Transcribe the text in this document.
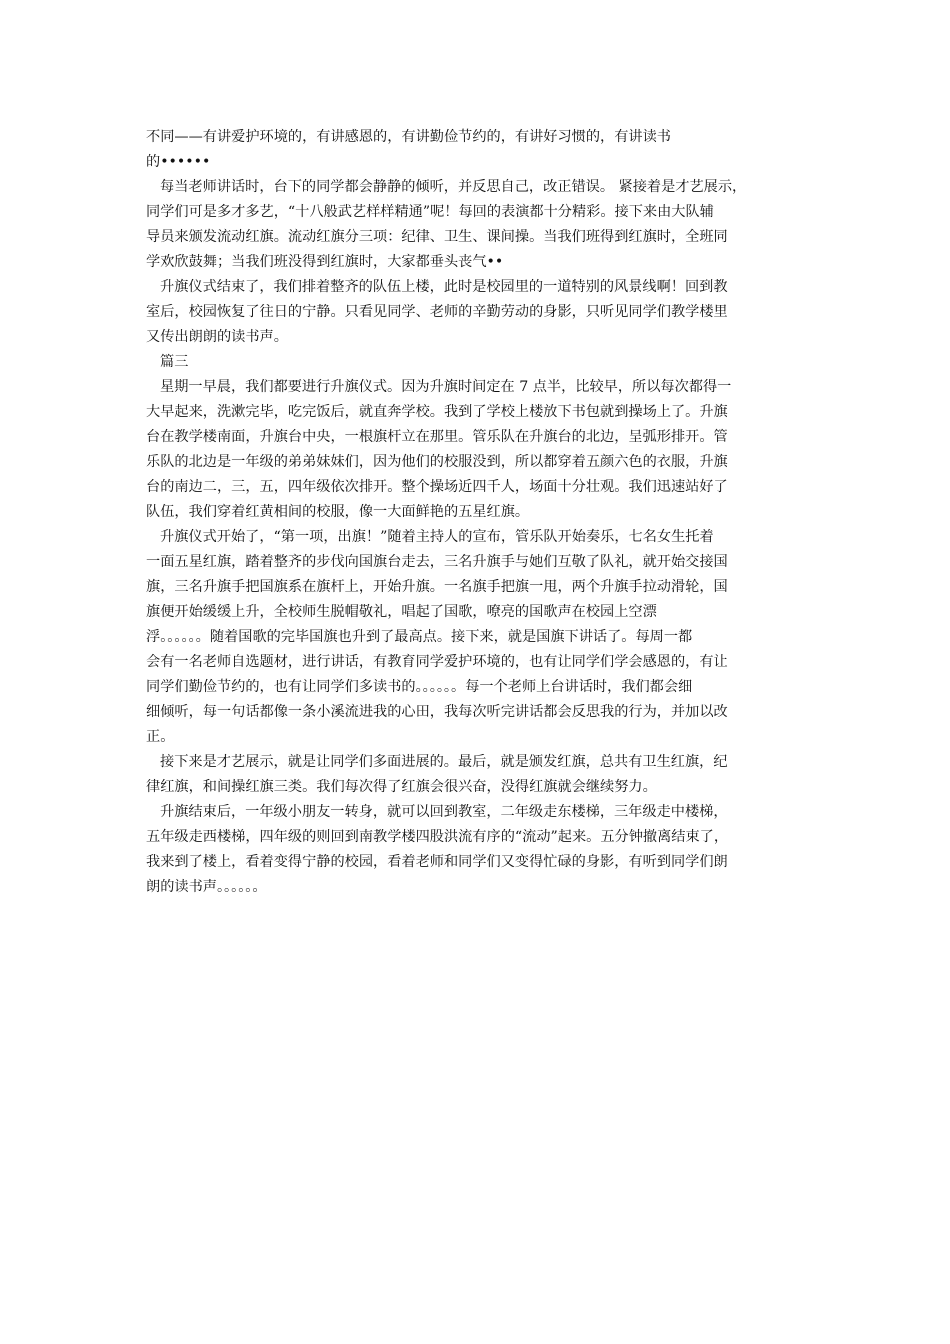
不同——有讲爱护环境的，有讲感恩的，有讲勤俭节约的，有讲好习惯的，有讲读书
的••••••
每当老师讲话时，台下的同学都会静静的倾听，并反思自己，改正错误。 紧接着是才艺展示，
同学们可是多才多艺，“十八般武艺样样精通”呢！每回的表演都十分精彩。接下来由大队辅
导员来颁发流动红旗。流动红旗分三项：纪律、卫生、课间操。当我们班得到红旗时，全班同
学欢欣鼓舞；当我们班没得到红旗时，大家都垂头丧气••
升旗仪式结束了，我们排着整齐的队伍上楼，此时是校园里的一道特别的风景线啊！回到教
室后，校园恢复了往日的宁静。只看见同学、老师的辛勤劳动的身影，只听见同学们教学楼里
又传出朗朗的读书声。
篇三
星期一早晨，我们都要进行升旗仪式。因为升旗时间定在 7 点半，比较早，所以每次都得一
大早起来，洗漱完毕，吃完饭后，就直奔学校。我到了学校上楼放下书包就到操场上了。升旗
台在教学楼南面，升旗台中央，一根旗杆立在那里。管乐队在升旗台的北边，呈弧形排开。管
乐队的北边是一年级的弟弟妹妹们，因为他们的校服没到，所以都穿着五颜六色的衣服，升旗
台的南边二，三，五，四年级依次排开。整个操场近四千人，场面十分壮观。我们迅速站好了
队伍，我们穿着红黄相间的校服，像一大面鲜艳的五星红旗。
升旗仪式开始了，“第一项，出旗！”随着主持人的宣布，管乐队开始奏乐，七名女生托着
一面五星红旗，踏着整齐的步伐向国旗台走去，三名升旗手与她们互敬了队礼，就开始交接国
旗，三名升旗手把国旗系在旗杆上，开始升旗。一名旗手把旗一甩，两个升旗手拉动滑轮，国
旗便开始缓缓上升，全校师生脱帽敬礼，唱起了国歌，嘹亮的国歌声在校园上空漂
浮。。。。。。随着国歌的完毕国旗也升到了最高点。接下来，就是国旗下讲话了。每周一都
会有一名老师自选题材，进行讲话，有教育同学爱护环境的，也有让同学们学会感恩的，有让
同学们勤俭节约的，也有让同学们多读书的。。。。。。每一个老师上台讲话时，我们都会细
细倾听，每一句话都像一条小溪流进我的心田，我每次听完讲话都会反思我的行为，并加以改
正。
接下来是才艺展示，就是让同学们多面进展的。最后，就是颁发红旗，总共有卫生红旗，纪
律红旗，和间操红旗三类。我们每次得了红旗会很兴奋，没得红旗就会继续努力。
升旗结束后，一年级小朋友一转身，就可以回到教室，二年级走东楼梯，三年级走中楼梯，
五年级走西楼梯，四年级的则回到南教学楼四股洪流有序的“流动”起来。五分钟撤离结束了，
我来到了楼上，看着变得宁静的校园，看着老师和同学们又变得忙碌的身影，有听到同学们朗
朗的读书声。。。。。。
